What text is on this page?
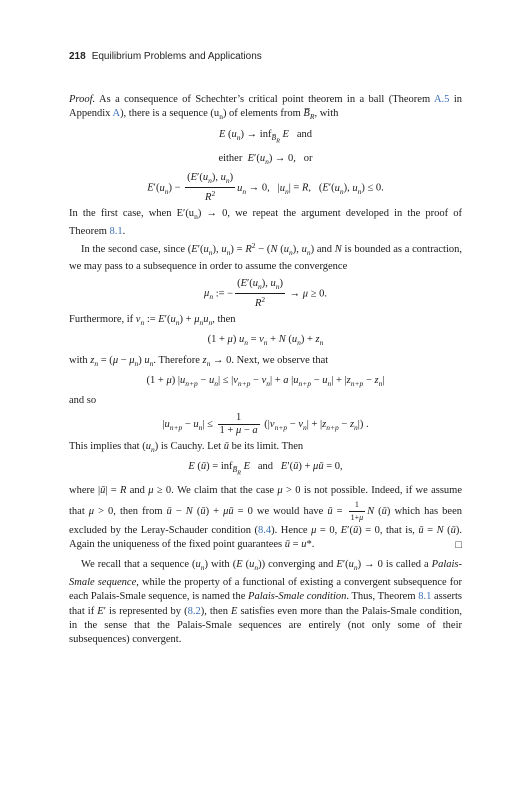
218 Equilibrium Problems and Applications

Proof. As a consequence of Schechter’s critical point theorem in a ball (Theorem A.5 in Appendix A), there is a sequence $(u_n)$ of elements from $B̅_R$, with

E $(u_n) \to inf_{B̅_R}$ E   and
either  $E'(u_n) \to 0$,   or
$E'(u_n) - \frac{(E'(u_n), u_n)}{R^2} u_n \to 0$,   $|u_n| = R$,   ($E'(u_n)$, $u_n) \le 0$.

In the first case, when $E'(u_n) \to 0$, we repeat the argument developed in the proof of Theorem 8.1.

In the second case, since ($E'(u_n)$, $u_n) = R^2 - (N$ $(u_n)$, $u_n$) and N is bounded as a contraction, we may pass to a subsequence in order to assume the convergence

$\mu_n$ := − $\frac{(E'(u_n), u_n)}{R^2} \to \mu \ge 0$.

Furthermore, if $v_n$ := $E'(u_n) + \mu_nu_n$, then

(1 + μ) $u_n = v_n + N$ $(u_n) + z_n$

with $z_n = (\mu - \mu_n)$ $u_n$. Therefore $z_n \to 0$. Next, we observe that

(1 + μ) $|u_{n+p} - u_n| \le |v_{n+p} - v_n| + a$ $|u_{n+p} - u_n| + |z_{n+p} - z_n|$

and so

$|u_{n+p} - u_n| \le \frac{1}{1 + \mu - a} (|v_{n+p} - v_n| + |z_{n+p} - z_n|)$ .

This implies that $(u_n)$ is Cauchy. Let ū be its limit. Then

E (ū) = inf$_{B̅_R}$ E   and   E′(ū) + μū = 0,

where |ū| = R and μ ≥ 0. We claim that the case μ > 0 is not possible. Indeed, if we assume that μ > 0, then from ū − N (ū) + μū = 0 we would have ū = $\frac{1}{1+\mu}$ N (ū) which has been excluded by the Leray-Schauder condition (8.4). Hence μ = 0, E′(ū) = 0, that is, ū = N (ū). Again the uniqueness of the fixed point guarantees ū = u*.	□

We recall that a sequence $(u_n)$ with (E $(u_n)$) converging and $E'(u_n) \to 0$ is called a Palais-Smale sequence, while the property of a functional of existing a convergent subsequence for each Palais-Smale sequence, is named the Palais-Smale condition. Thus, Theorem 8.1 asserts that if E′ is represented by (8.2), then E satisfies even more than the Palais-Smale condition, in the sense that the Palais-Smale sequences are entirely (not only some of their subsequences) convergent.
